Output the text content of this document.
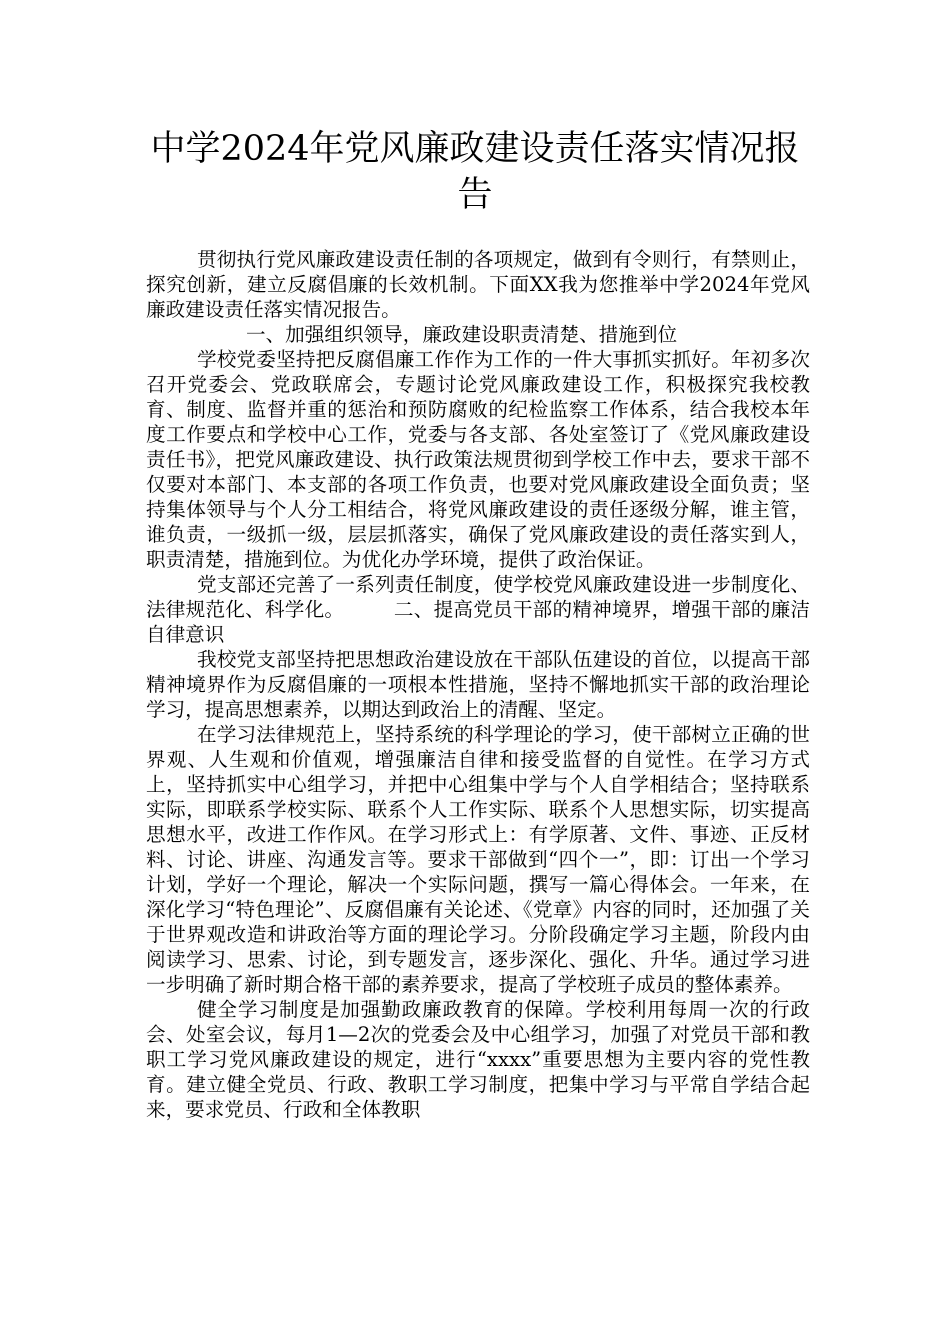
中学2024年党风廉政建设责任落实情况报告

贯彻执行党风廉政建设责任制的各项规定，做到有令则行，有禁则止，探究创新，建立反腐倡廉的长效机制。下面XX我为您推举中学2024年党风廉政建设责任落实情况报告。

一、加强组织领导，廉政建设职责清楚、措施到位

学校党委坚持把反腐倡廉工作作为工作的一件大事抓实抓好。年初多次召开党委会、党政联席会，专题讨论党风廉政建设工作，积极探究我校教育、制度、监督并重的惩治和预防腐败的纪检监察工作体系，结合我校本年度工作要点和学校中心工作，党委与各支部、各处室签订了《党风廉政建设责任书》，把党风廉政建设、执行政策法规贯彻到学校工作中去，要求干部不仅要对本部门、本支部的各项工作负责，也要对党风廉政建设全面负责；坚持集体领导与个人分工相结合，将党风廉政建设的责任逐级分解，谁主管，谁负责，一级抓一级，层层抓落实，确保了党风廉政建设的责任落实到人，职责清楚，措施到位。为优化办学环境，提供了政治保证。

党支部还完善了一系列责任制度，使学校党风廉政建设进一步制度化、法律规范化、科学化。　　　二、提高党员干部的精神境界，增强干部的廉洁自律意识

我校党支部坚持把思想政治建设放在干部队伍建设的首位，以提高干部精神境界作为反腐倡廉的一项根本性措施，坚持不懈地抓实干部的政治理论学习，提高思想素养，以期达到政治上的清醒、坚定。

在学习法律规范上，坚持系统的科学理论的学习，使干部树立正确的世界观、人生观和价值观，增强廉洁自律和接受监督的自觉性。在学习方式上，坚持抓实中心组学习，并把中心组集中学与个人自学相结合；坚持联系实际，即联系学校实际、联系个人工作实际、联系个人思想实际，切实提高思想水平，改进工作作风。在学习形式上：有学原著、文件、事迹、正反材料、讨论、讲座、沟通发言等。要求干部做到“四个一”，即：订出一个学习计划，学好一个理论，解决一个实际问题，撰写一篇心得体会。一年来，在深化学习“特色理论”、反腐倡廉有关论述、《党章》内容的同时，还加强了关于世界观改造和讲政治等方面的理论学习。分阶段确定学习主题，阶段内由阅读学习、思索、讨论，到专题发言，逐步深化、强化、升华。通过学习进一步明确了新时期合格干部的素养要求，提高了学校班子成员的整体素养。

健全学习制度是加强勤政廉政教育的保障。学校利用每周一次的行政会、处室会议，每月1—2次的党委会及中心组学习，加强了对党员干部和教职工学习党风廉政建设的规定，进行“xxxx”重要思想为主要内容的党性教育。建立健全党员、行政、教职工学习制度，把集中学习与平常自学结合起来，要求党员、行政和全体教职
